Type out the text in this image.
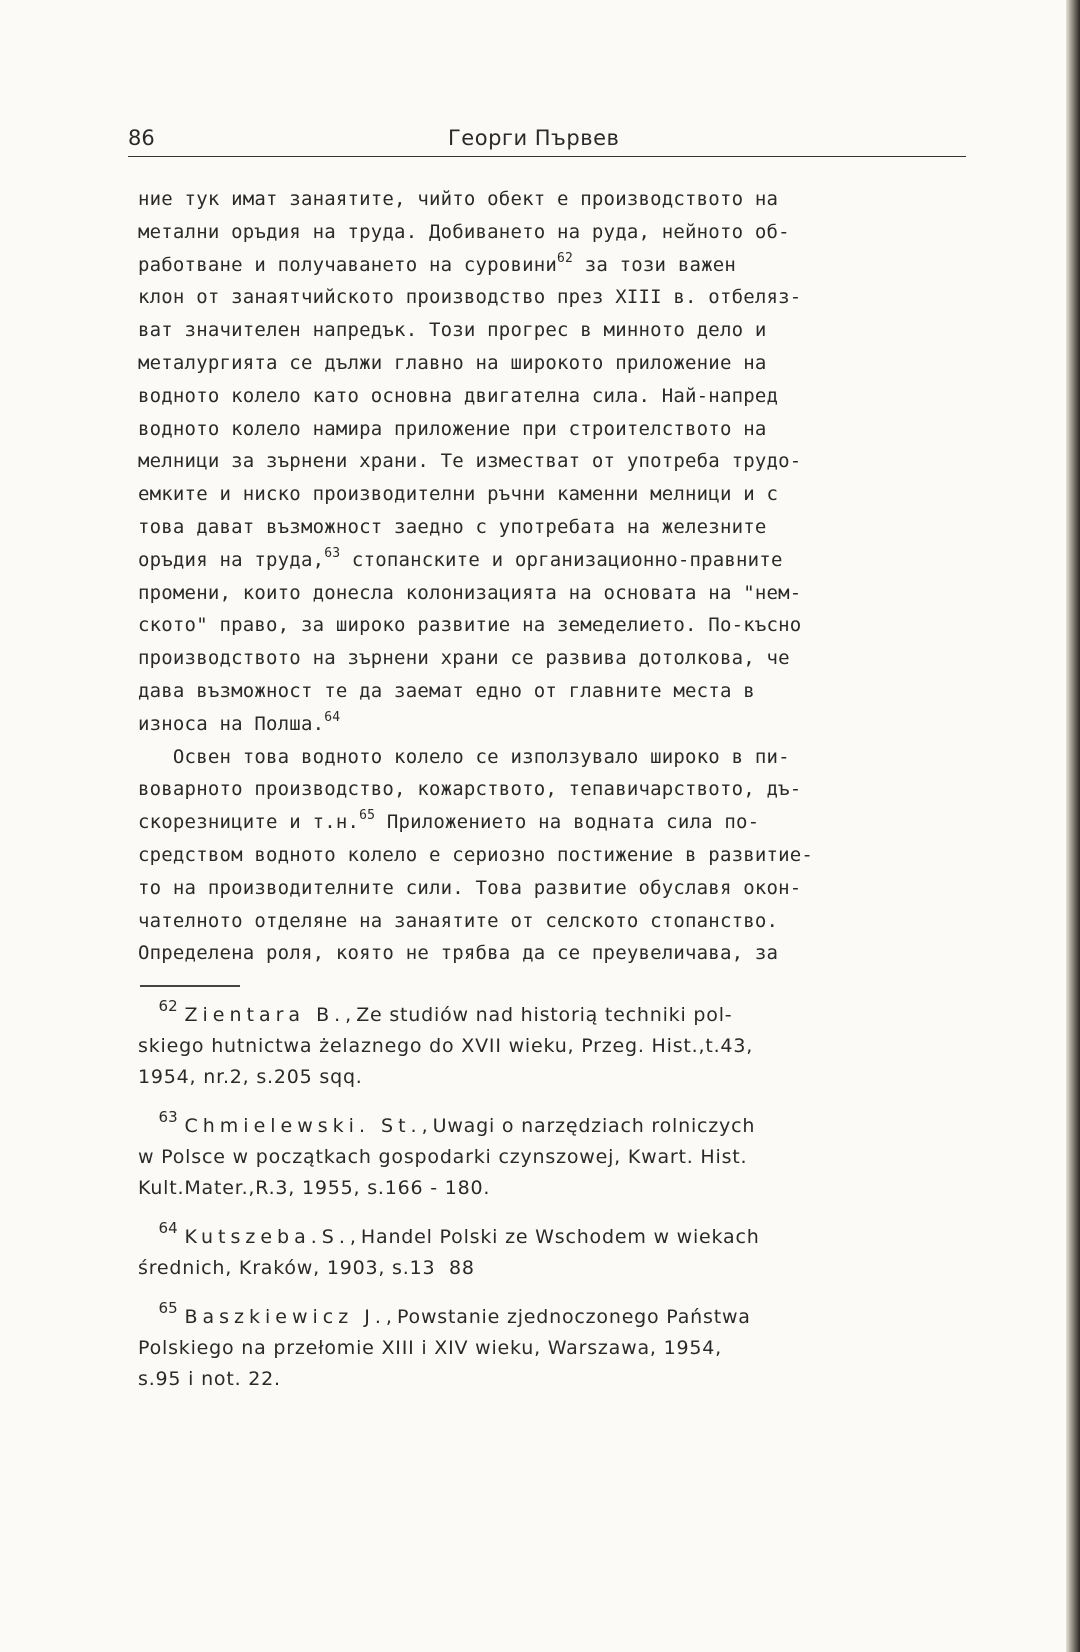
86	Георги Първев
ние тук имат занаятите, чийто обект е производството на
метални оръдия на труда. Добиването на руда, нейното об-
работване и получаването на суровини$^{62}$ за този важен
клон от занаятчийското производство през XIII в. отбеляз-
ват значителен напредък. Този прогрес в минното дело и
металургията се дължи главно на широкото приложение на
водното колело като основна двигателна сила. Най-напред
водното колело намира приложение при строителството на
мелници за зърнени храни. Те изместват от употреба трудо-
емките и ниско производителни ръчни каменни мелници и с
това дават възможност заедно с употребата на железните
оръдия на труда,$^{63}$ стопанските и организационно-правните
промени, които донесла колонизацията на основата на "нем-
ското" право, за широко развитие на земеделието. По-късно
производството на зърнени храни се развива дотолкова, че
дава възможност те да заемат едно от главните места в
износа на Полша.$^{64}$
Освен това водното колело се използувало широко в пи-
воварното производство, кожарството, тепавичарството, дъ-
скорезниците и т.н.$^{65}$ Приложението на водната сила по-
средством водното колело е сериозно постижение в развитие-
то на производителните сили. Това развитие обуславя окон-
чателното отделяне на занаятите от селското стопанство.
Определена роля, която не трябва да се преувеличава, за
$^{62}$ Zientara B.,Ze studiów nad historią techniki pol-
skiego hutnictwa żelaznego do XVII wieku, Przeg. Hist.,t.43,
1954, nr.2, s.205 sqq.
$^{63}$ Chmielewski. St.,Uwagi o narzędziach rolniczych
w Polsce w początkach gospodarki czynszowej, Kwart. Hist.
Kult.Mater.,R.3, 1955, s.166 - 180.
$^{64}$ Kutszeba.S.,Handel Polski ze Wschodem w wiekach
średnich, Kraków, 1903, s.13  88
$^{65}$ Baszkiewicz J.,Powstanie zjednoczonego Państwa
Polskiego na przełomie XIII i XIV wieku, Warszawa, 1954,
s.95 i not. 22.
